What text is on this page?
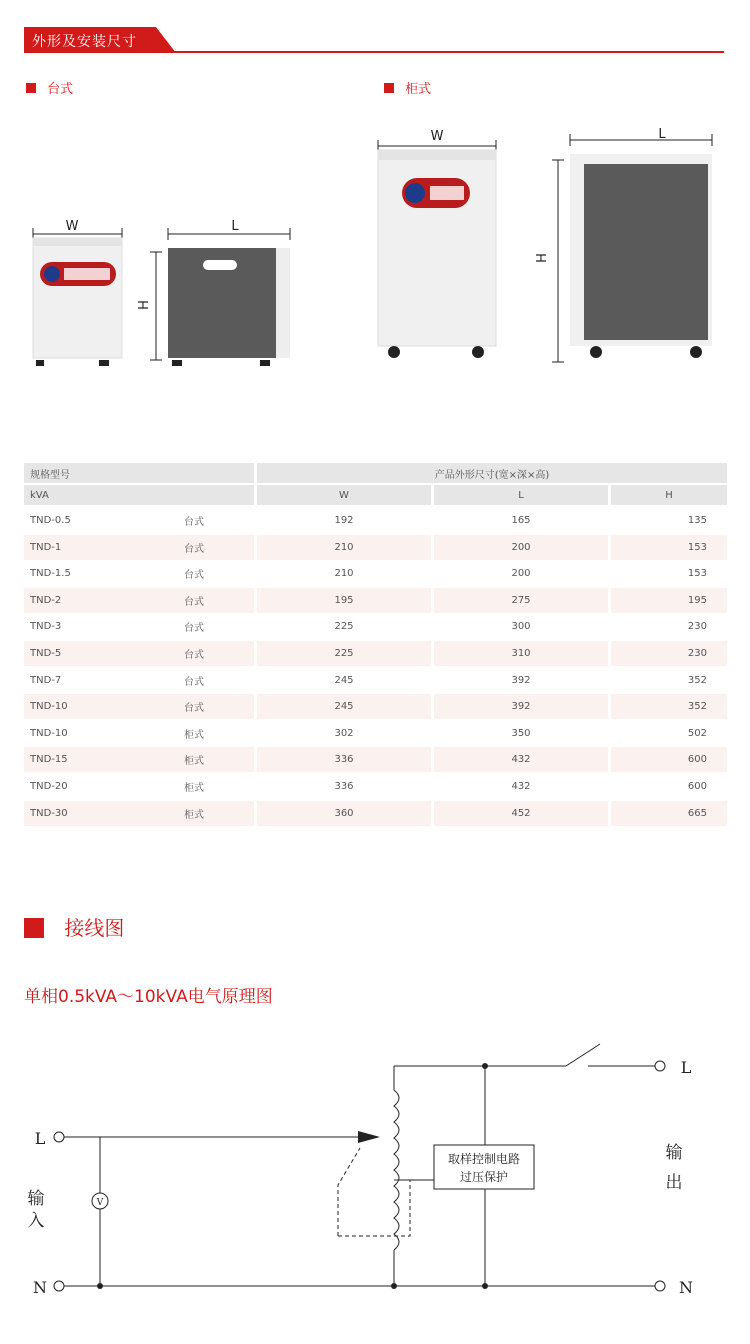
外形及安装尺寸
台式	柜式
W	L
H
W	L
H
规格型号	产品外形尺寸(宽×深×高)
kVA	W	L	H
TND-0.5	台式	192	165	135
TND-1	台式	210	200	153
TND-1.5	台式	210	200	153
TND-2	台式	195	275	195
TND-3	台式	225	300	230
TND-5	台式	225	310	230
TND-7	台式	245	392	352
TND-10	台式	245	392	352
TND-10	柜式	302	350	502
TND-15	柜式	336	432	600
TND-20	柜式	336	432	600
TND-30	柜式	360	452	665
接线图
单相0.5kVA～10kVA电气原理图
L
N
L
N
输
入
输
出
V
取样控制电路
过压保护
